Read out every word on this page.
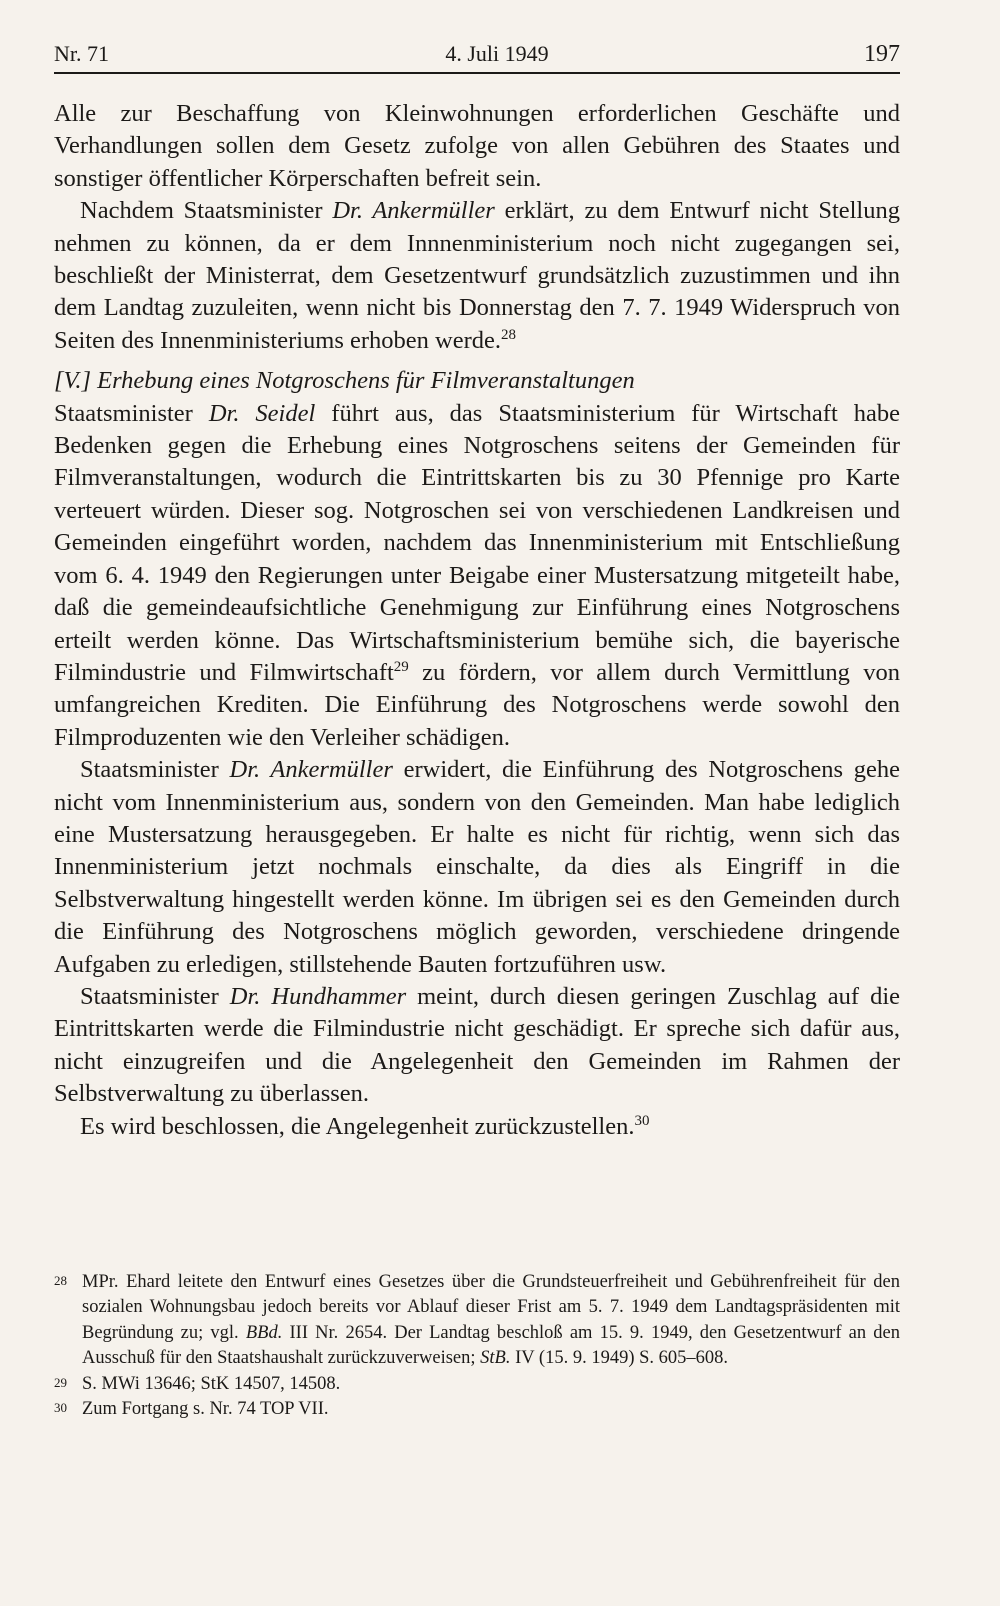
Nr. 71	4. Juli 1949	197

Alle zur Beschaffung von Kleinwohnungen erforderlichen Geschäfte und Verhandlungen sollen dem Gesetz zufolge von allen Gebühren des Staates und sonstiger öffentlicher Körperschaften befreit sein.

Nachdem Staatsminister Dr. Ankermüller erklärt, zu dem Entwurf nicht Stellung nehmen zu können, da er dem Innnenministerium noch nicht zugegangen sei, beschließt der Ministerrat, dem Gesetzentwurf grundsätzlich zuzustimmen und ihn dem Landtag zuzuleiten, wenn nicht bis Donnerstag den 7. 7. 1949 Widerspruch von Seiten des Innenministeriums erhoben werde.$^{28}$

[V.] Erhebung eines Notgroschens für Filmveranstaltungen

Staatsminister Dr. Seidel führt aus, das Staatsministerium für Wirtschaft habe Bedenken gegen die Erhebung eines Notgroschens seitens der Gemeinden für Filmveranstaltungen, wodurch die Eintrittskarten bis zu 30 Pfennige pro Karte verteuert würden. Dieser sog. Notgroschen sei von verschiedenen Landkreisen und Gemeinden eingeführt worden, nachdem das Innenministerium mit Entschließung vom 6. 4. 1949 den Regierungen unter Beigabe einer Mustersatzung mitgeteilt habe, daß die gemeindeaufsichtliche Genehmigung zur Einführung eines Notgroschens erteilt werden könne. Das Wirtschaftsministerium bemühe sich, die bayerische Filmindustrie und Filmwirtschaft$^{29}$ zu fördern, vor allem durch Vermittlung von umfangreichen Krediten. Die Einführung des Notgroschens werde sowohl den Filmproduzenten wie den Verleiher schädigen.

Staatsminister Dr. Ankermüller erwidert, die Einführung des Notgroschens gehe nicht vom Innenministerium aus, sondern von den Gemeinden. Man habe lediglich eine Mustersatzung herausgegeben. Er halte es nicht für richtig, wenn sich das Innenministerium jetzt nochmals einschalte, da dies als Eingriff in die Selbstverwaltung hingestellt werden könne. Im übrigen sei es den Gemeinden durch die Einführung des Notgroschens möglich geworden, verschiedene dringende Aufgaben zu erledigen, stillstehende Bauten fortzuführen usw.

Staatsminister Dr. Hundhammer meint, durch diesen geringen Zuschlag auf die Eintrittskarten werde die Filmindustrie nicht geschädigt. Er spreche sich dafür aus, nicht einzugreifen und die Angelegenheit den Gemeinden im Rahmen der Selbstverwaltung zu überlassen.

Es wird beschlossen, die Angelegenheit zurückzustellen.$^{30}$

28 MPr. Ehard leitete den Entwurf eines Gesetzes über die Grundsteuerfreiheit und Gebührenfreiheit für den sozialen Wohnungsbau jedoch bereits vor Ablauf dieser Frist am 5. 7. 1949 dem Landtagspräsidenten mit Begründung zu; vgl. BBd. III Nr. 2654. Der Landtag beschloß am 15. 9. 1949, den Gesetzentwurf an den Ausschuß für den Staatshaushalt zurückzuverweisen; StB. IV (15. 9. 1949) S. 605–608.

29 S. MWi 13646; StK 14507, 14508.

30 Zum Fortgang s. Nr. 74 TOP VII.
